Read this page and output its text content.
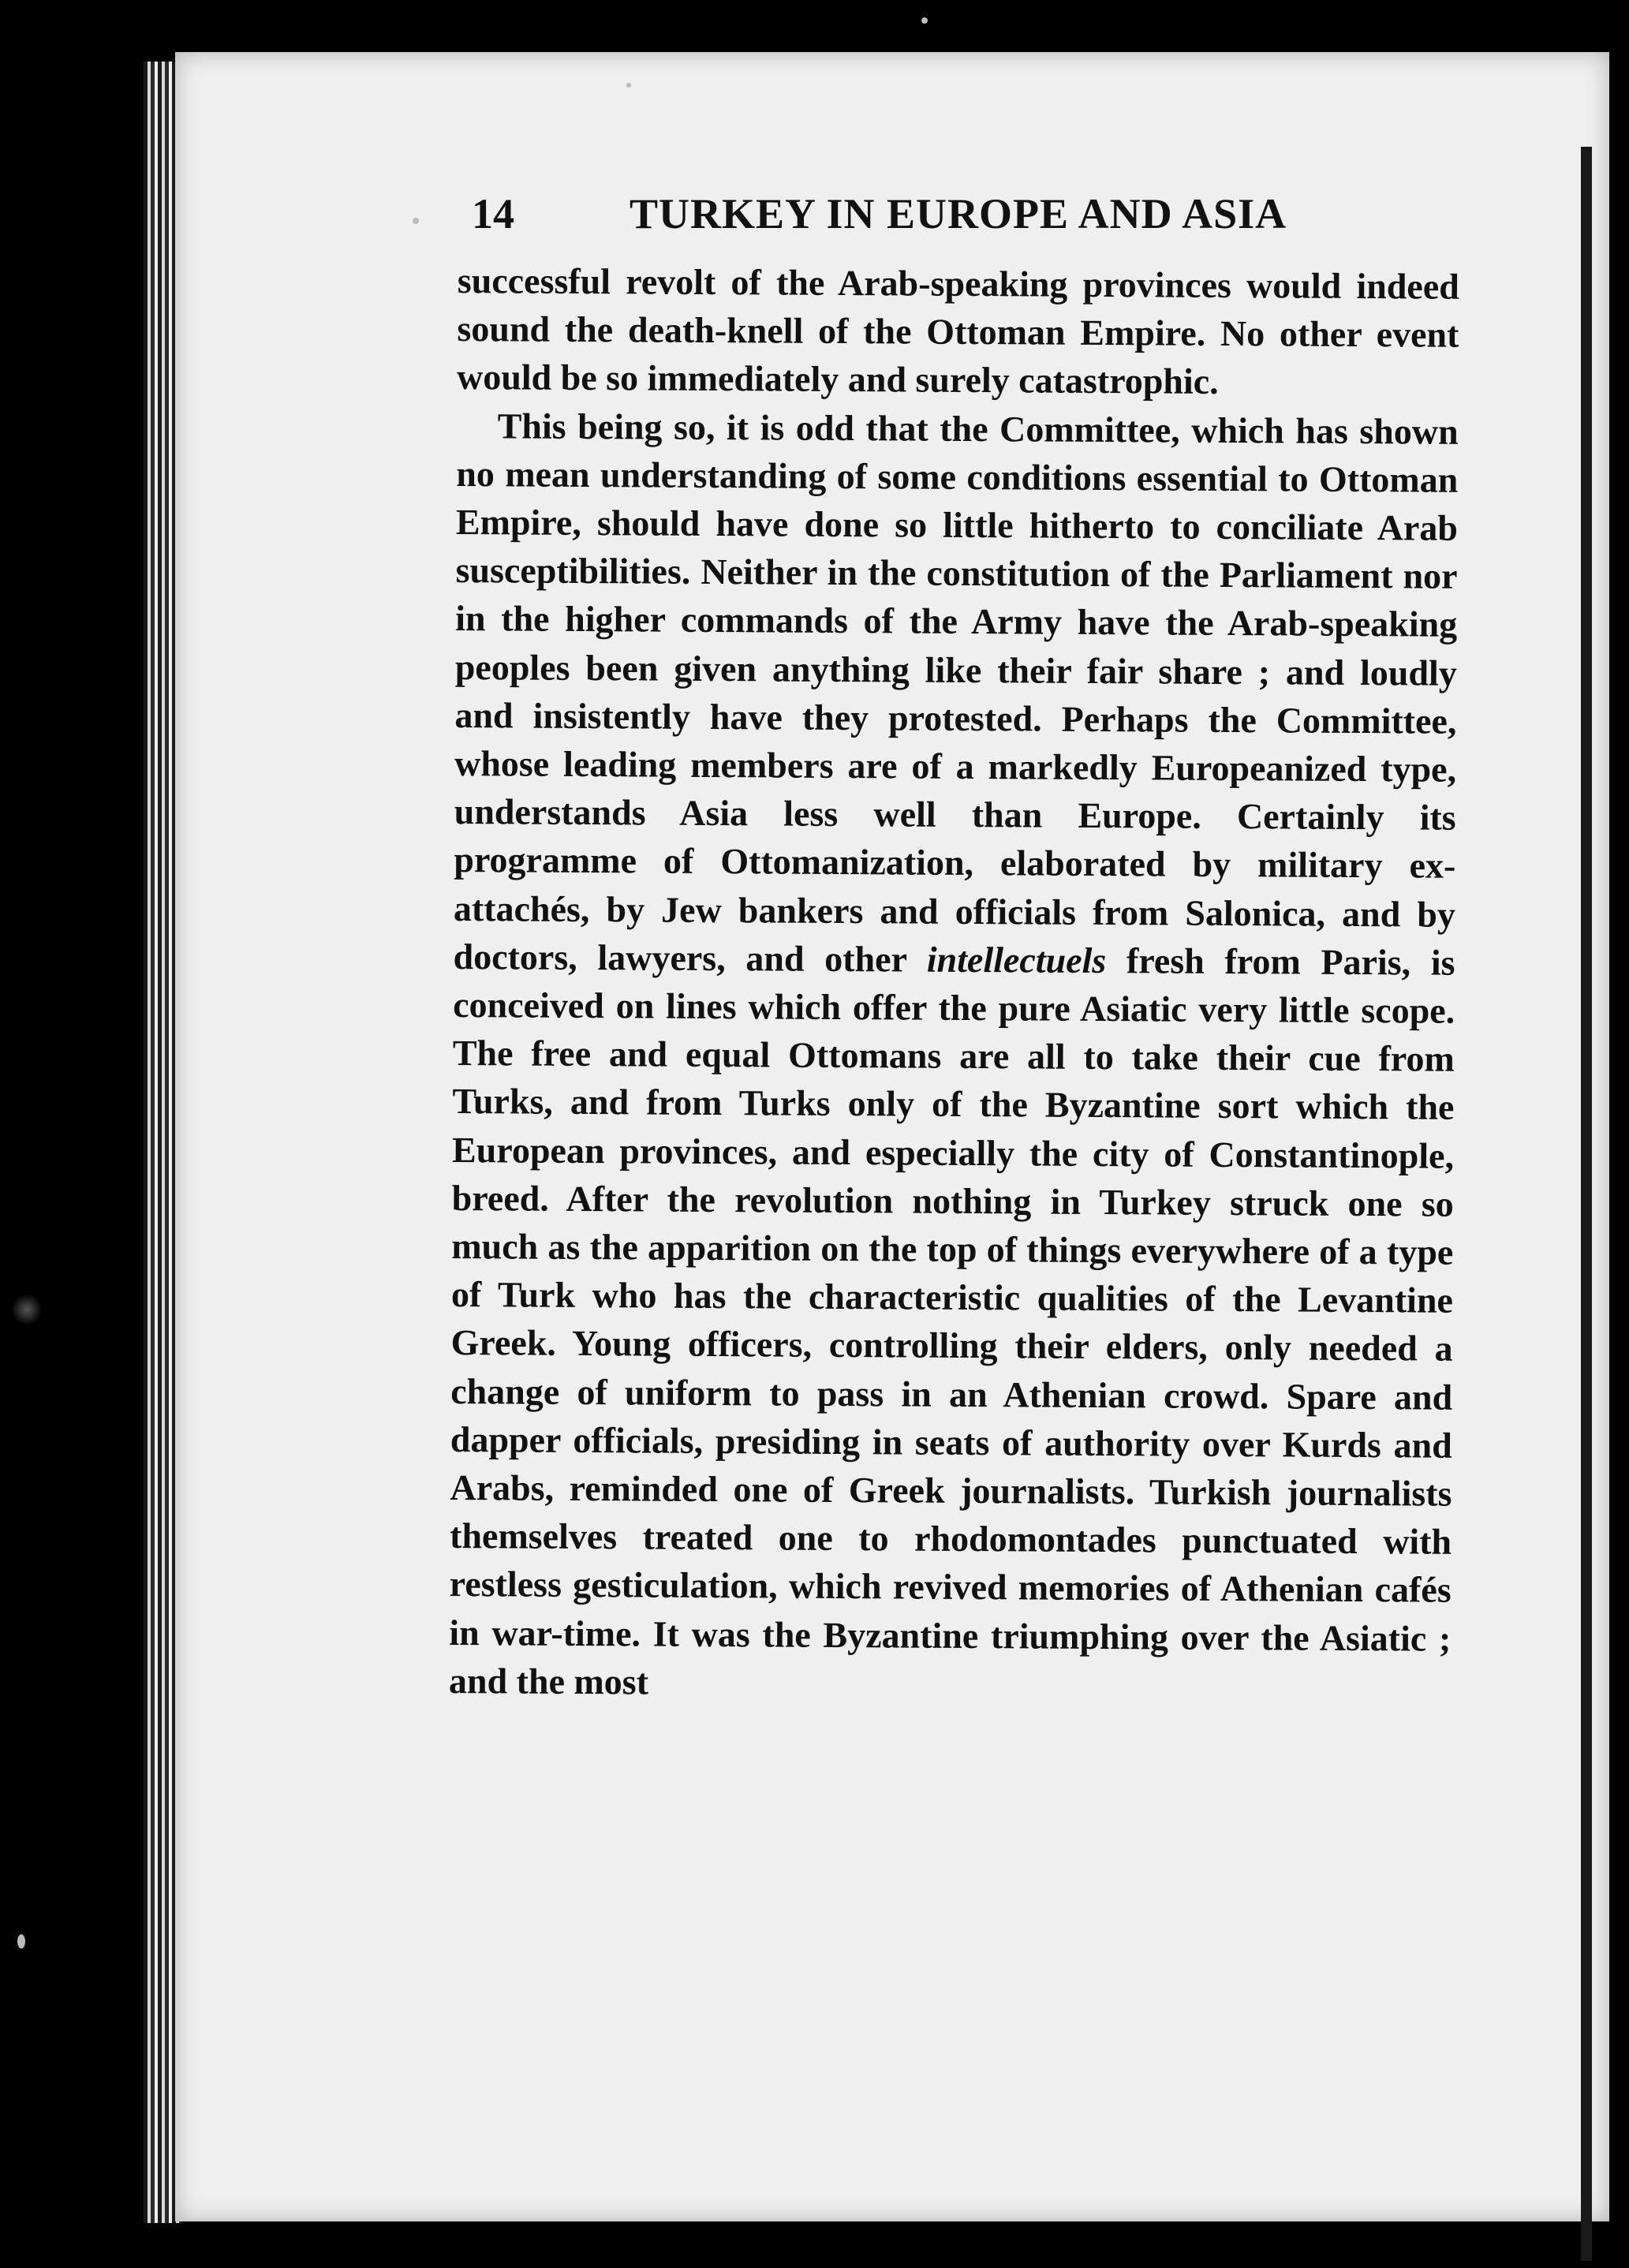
14	TURKEY IN EUROPE AND ASIA

successful revolt of the Arab-speaking provinces would indeed sound the death-knell of the Ottoman Empire. No other event would be so immediately and surely catastrophic.

This being so, it is odd that the Committee, which has shown no mean understanding of some conditions essential to Ottoman Empire, should have done so little hitherto to conciliate Arab susceptibilities. Neither in the constitution of the Parliament nor in the higher commands of the Army have the Arab-speaking peoples been given anything like their fair share ; and loudly and insistently have they protested. Perhaps the Committee, whose leading members are of a markedly Europeanized type, understands Asia less well than Europe. Certainly its programme of Ottomanization, elaborated by military ex-attachés, by Jew bankers and officials from Salonica, and by doctors, lawyers, and other intellectuels fresh from Paris, is conceived on lines which offer the pure Asiatic very little scope. The free and equal Ottomans are all to take their cue from Turks, and from Turks only of the Byzantine sort which the European provinces, and especially the city of Constantinople, breed. After the revolution nothing in Turkey struck one so much as the apparition on the top of things everywhere of a type of Turk who has the characteristic qualities of the Levantine Greek. Young officers, controlling their elders, only needed a change of uniform to pass in an Athenian crowd. Spare and dapper officials, presiding in seats of authority over Kurds and Arabs, reminded one of Greek journalists. Turkish journalists themselves treated one to rhodomontades punctuated with restless gesticulation, which revived memories of Athenian cafés in war-time. It was the Byzantine triumphing over the Asiatic ; and the most
